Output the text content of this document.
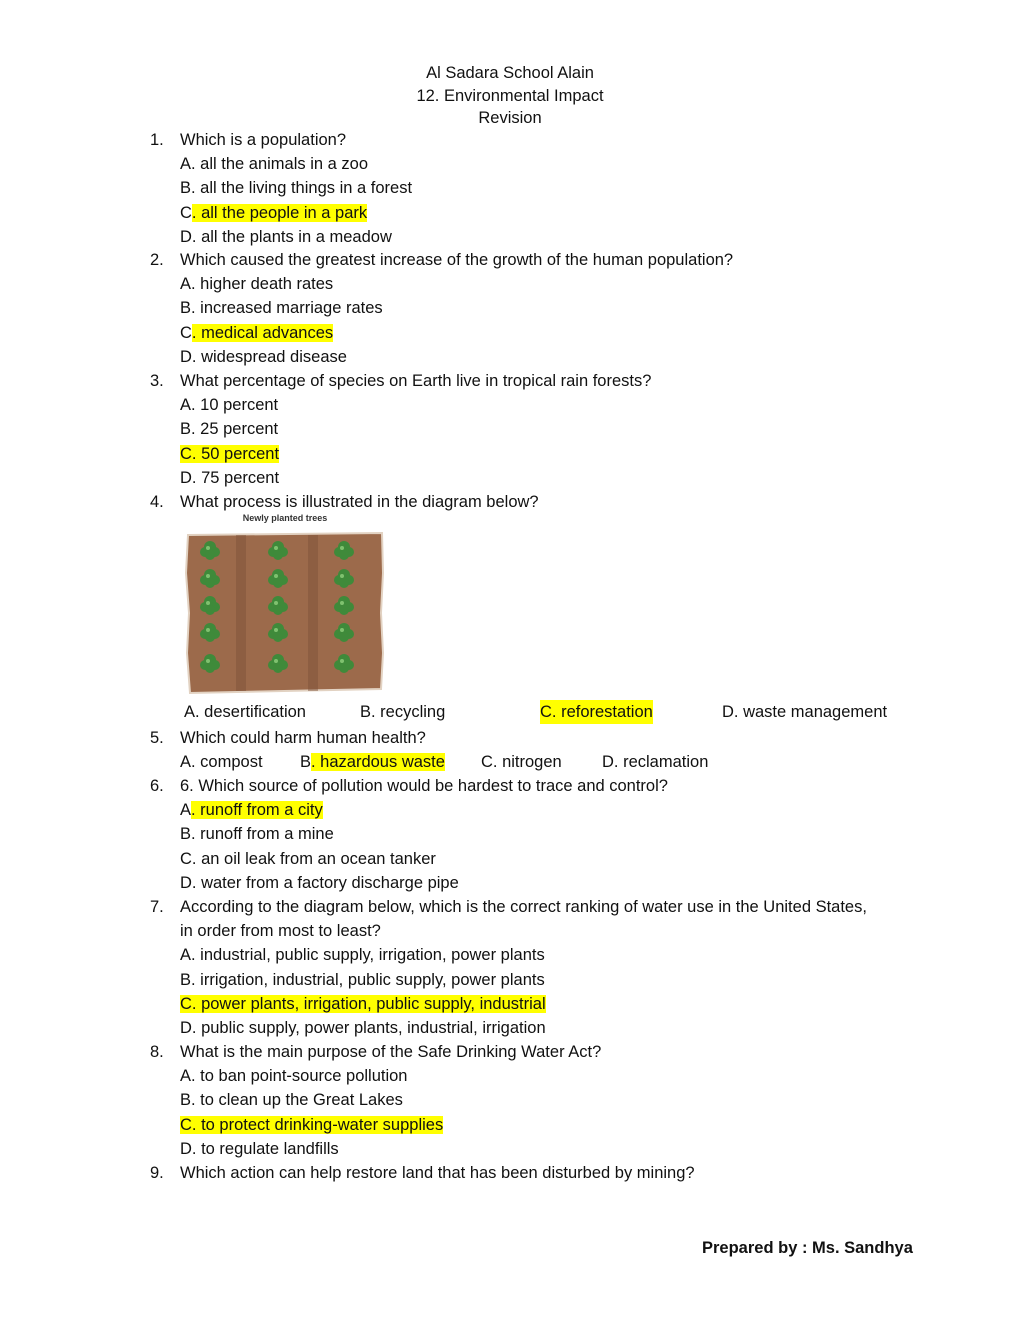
Al Sadara School Alain
12. Environmental Impact
Revision
1. Which is a population?
A. all the animals in a zoo
B. all the living things in a forest
C. all the people in a park
D. all the plants in a meadow
2. Which caused the greatest increase of the growth of the human population?
A. higher death rates
B. increased marriage rates
C. medical advances
D. widespread disease
3. What percentage of species on Earth live in tropical rain forests?
A. 10 percent
B. 25 percent
C. 50 percent
D. 75 percent
4. What process is illustrated in the diagram below?
Newly planted trees
A. desertification	B. recycling	C. reforestation	D. waste management
5. Which could harm human health?
A. compost B. hazardous waste C. nitrogen D. reclamation
6. 6. Which source of pollution would be hardest to trace and control?
A. runoff from a city
B. runoff from a mine
C. an oil leak from an ocean tanker
D. water from a factory discharge pipe
7. According to the diagram below, which is the correct ranking of water use in the United States,
in order from most to least?
A. industrial, public supply, irrigation, power plants
B. irrigation, industrial, public supply, power plants
C. power plants, irrigation, public supply, industrial
D. public supply, power plants, industrial, irrigation
8. What is the main purpose of the Safe Drinking Water Act?
A. to ban point-source pollution
B. to clean up the Great Lakes
C. to protect drinking-water supplies
D. to regulate landfills
9. Which action can help restore land that has been disturbed by mining?
Prepared by : Ms. Sandhya
